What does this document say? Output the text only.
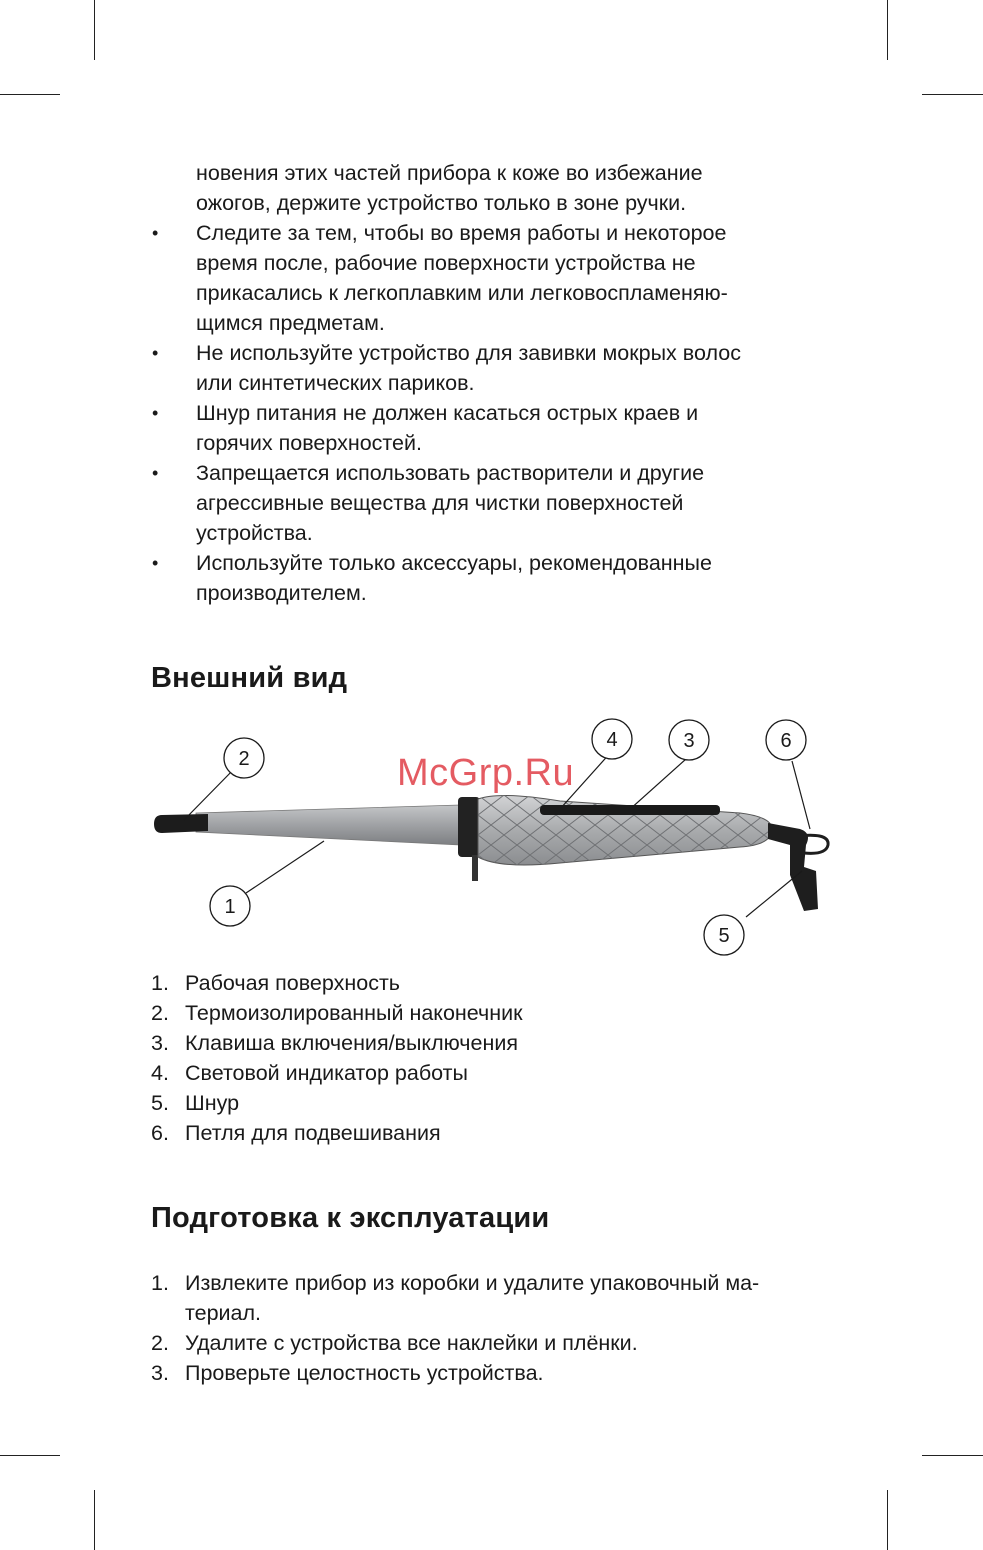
новения этих частей прибора к коже во избежание
ожогов, держите устройство только в зоне ручки.
• Следите за тем, чтобы во время работы и некоторое
время после, рабочие поверхности устройства не
прикасались к легкоплавким или легковоспламеняю-
щимся предметам.
• Не используйте устройство для завивки мокрых волос
или синтетических париков.
• Шнур питания не должен касаться острых краев и
горячих поверхностей.
• Запрещается использовать растворители и другие
агрессивные вещества для чистки поверхностей
устройства.
• Используйте только аксессуары, рекомендованные
производителем.
Внешний вид
2
1
4	3	6
5
McGrp.Ru
1. Рабочая поверхность
2. Термоизолированный наконечник
3. Клавиша включения/выключения
4. Световой индикатор работы
5. Шнур
6. Петля для подвешивания
Подготовка к эксплуатации
1. Извлеките прибор из коробки и удалите упаковочный ма-
териал.
2. Удалите с устройства все наклейки и плёнки.
3. Проверьте целостность устройства.
